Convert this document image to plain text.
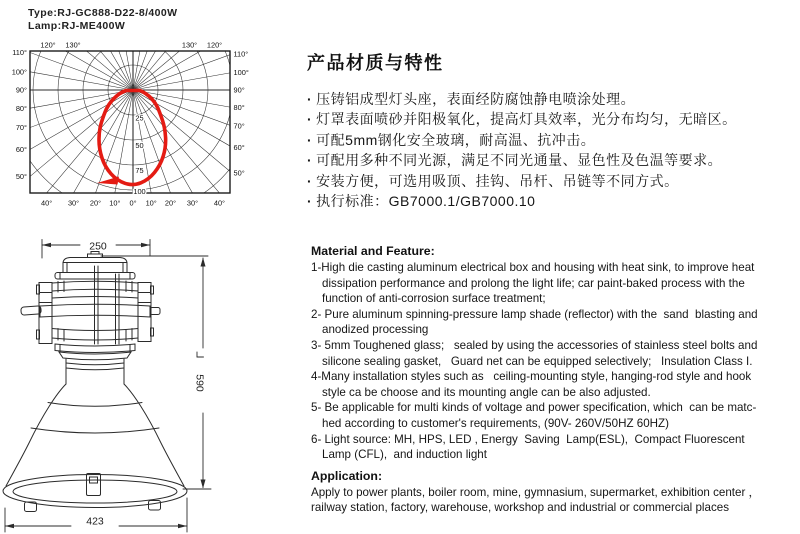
Type:RJ-GC888-D22-8/400W
Lamp:RJ-ME400W
110°
100°
90°
80°
70°
60°
50°
110°
100°
90°
80°
70°
60°
50°
120° 130°	130° 120°
40° 30° 20° 10° 0° 10° 20° 30° 40°
25
50
75
100
250
590
423
产品材质与特性
· 压铸铝成型灯头座，表面经防腐蚀静电喷涂处理。
· 灯罩表面喷砂并阳极氧化，提高灯具效率，光分布均匀，无暗区。
· 可配5mm钢化安全玻璃，耐高温、抗冲击。
· 可配用多种不同光源，满足不同光通量、显色性及色温等要求。
· 安装方便，可选用吸顶、挂钩、吊杆、吊链等不同方式。
· 执行标准：GB7000.1/GB7000.10
Material and Feature:
1-High die casting aluminum electrical box and housing with heat sink, to improve heat
dissipation performance and prolong the light life; car paint-baked process with the
function of anti-corrosion surface treatment;
2- Pure aluminum spinning-pressure lamp shade (reflector) with the  sand  blasting and
anodized processing
3- 5mm Toughened glass;   sealed by using the accessories of stainless steel bolts and
silicone sealing gasket,   Guard net can be equipped selectively;   Insulation Class I.
4-Many installation styles such as   ceiling-mounting style, hanging-rod style and hook
style ca be choose and its mounting angle can be also adjusted.
5- Be applicable for multi kinds of voltage and power specification, which  can be matc-
hed according to customer's requirements, (90V- 260V/50HZ 60HZ)
6- Light source: MH, HPS, LED , Energy  Saving  Lamp(ESL),  Compact Fluorescent
Lamp (CFL),  and induction light
Application:
Apply to power plants, boiler room, mine, gymnasium, supermarket, exhibition center ，
railway station, factory, warehouse, workshop and industrial or commercial places
